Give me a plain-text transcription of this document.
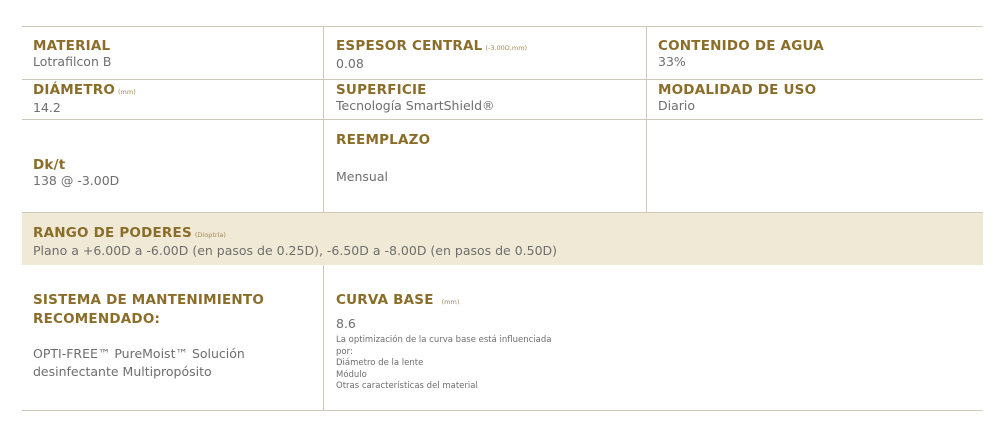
MATERIAL
Lotrafilcon B
ESPESOR CENTRAL (-3.00D,mm)
0.08
CONTENIDO DE AGUA
33%
DIÁMETRO (mm)
14.2
SUPERFICIE
Tecnología SmartShield®
MODALIDAD DE USO
Diario
Dk/t
138 @ -3.00D
REEMPLAZO
Mensual
RANGO DE PODERES (Dioptría)
Plano a +6.00D a -6.00D (en pasos de 0.25D), -6.50D a -8.00D (en pasos de 0.50D)
SISTEMA DE MANTENIMIENTO
RECOMENDADO:
OPTI-FREE™ PureMoist™ Solución
desinfectante Multipropósito
CURVA BASE (mm)
8.6
La optimización de la curva base está influenciada
por:
Diámetro de la lente
Módulo
Otras características del material
